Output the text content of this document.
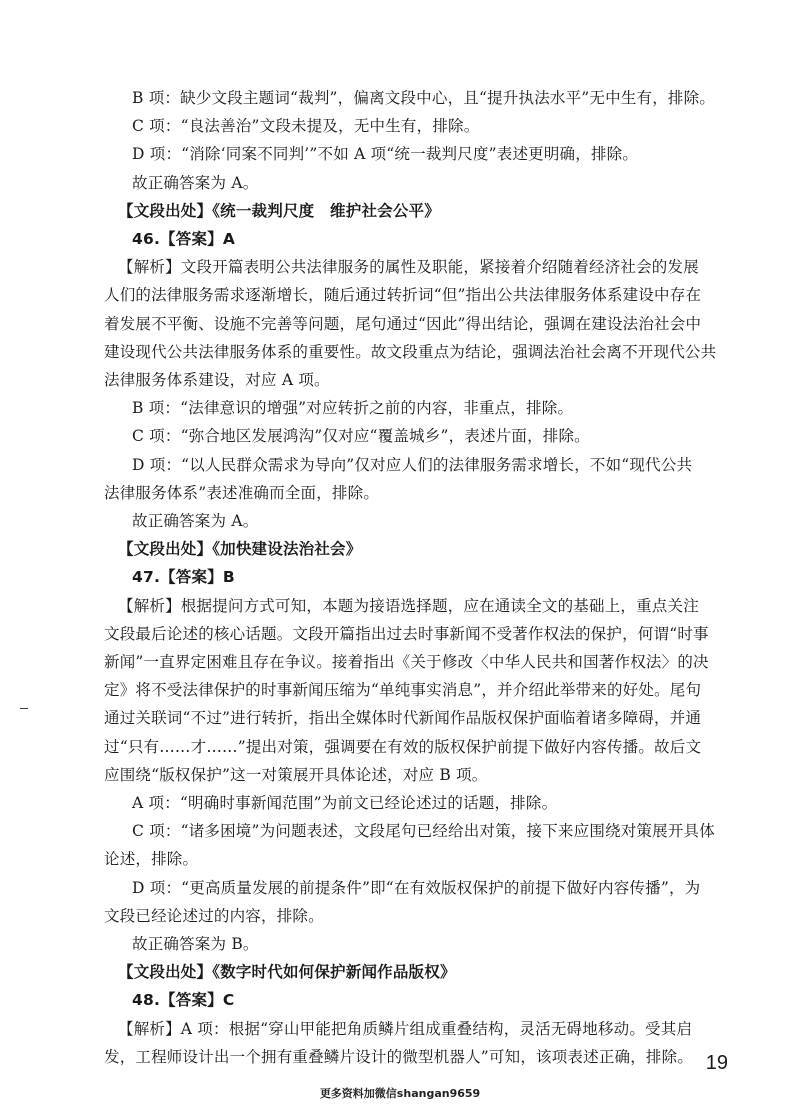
B 项：缺少文段主题词“裁判”，偏离文段中心，且“提升执法水平”无中生有，排除。
C 项：“良法善治”文段未提及，无中生有，排除。
D 项：“消除‘同案不同判’”不如 A 项“统一裁判尺度”表述更明确，排除。
故正确答案为 A。
【文段出处】《统一裁判尺度　维护社会公平》
46.【答案】A
【解析】文段开篇表明公共法律服务的属性及职能，紧接着介绍随着经济社会的发展
人们的法律服务需求逐渐增长，随后通过转折词“但”指出公共法律服务体系建设中存在
着发展不平衡、设施不完善等问题，尾句通过“因此”得出结论，强调在建设法治社会中
建设现代公共法律服务体系的重要性。故文段重点为结论，强调法治社会离不开现代公共
法律服务体系建设，对应 A 项。
B 项：“法律意识的增强”对应转折之前的内容，非重点，排除。
C 项：“弥合地区发展鸿沟”仅对应“覆盖城乡”，表述片面，排除。
D 项：“以人民群众需求为导向”仅对应人们的法律服务需求增长，不如“现代公共
法律服务体系”表述准确而全面，排除。
故正确答案为 A。
【文段出处】《加快建设法治社会》
47.【答案】B
【解析】根据提问方式可知，本题为接语选择题，应在通读全文的基础上，重点关注
文段最后论述的核心话题。文段开篇指出过去时事新闻不受著作权法的保护，何谓“时事
新闻”一直界定困难且存在争议。接着指出《关于修改〈中华人民共和国著作权法〉的决
定》将不受法律保护的时事新闻压缩为“单纯事实消息”，并介绍此举带来的好处。尾句
通过关联词“不过”进行转折，指出全媒体时代新闻作品版权保护面临着诸多障碍，并通
过“只有……才……”提出对策，强调要在有效的版权保护前提下做好内容传播。故后文
应围绕“版权保护”这一对策展开具体论述，对应 B 项。
A 项：“明确时事新闻范围”为前文已经论述过的话题，排除。
C 项：“诸多困境”为问题表述，文段尾句已经给出对策，接下来应围绕对策展开具体
论述，排除。
D 项：“更高质量发展的前提条件”即“在有效版权保护的前提下做好内容传播”，为
文段已经论述过的内容，排除。
故正确答案为 B。
【文段出处】《数字时代如何保护新闻作品版权》
48.【答案】C
【解析】A 项：根据“穿山甲能把角质鳞片组成重叠结构，灵活无碍地移动。受其启
发，工程师设计出一个拥有重叠鳞片设计的微型机器人”可知，该项表述正确，排除。 19
更多资料加微信shangan9659
